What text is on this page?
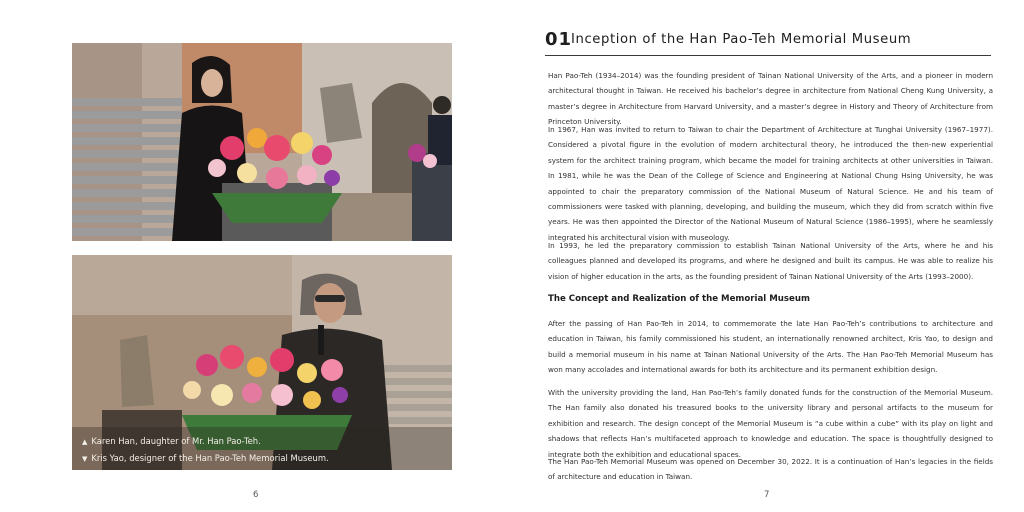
▲ Karen Han, daughter of Mr. Han Pao-Teh.
▼ Kris Yao, designer of the Han Pao-Teh Memorial Museum.
6
01
Inception of the Han Pao-Teh Memorial Museum

Han Pao-Teh (1934–2014) was the founding president of Tainan National University of the Arts, and a pioneer in modern architectural thought in Taiwan. He received his bachelor’s degree in architecture from National Cheng Kung University, a master’s degree in Architecture from Harvard University, and a master’s degree in History and Theory of Architecture from Princeton University.

In 1967, Han was invited to return to Taiwan to chair the Department of Architecture at Tunghai University (1967–1977). Considered a pivotal figure in the evolution of modern architectural theory, he introduced the then-new experiential system for the architect training program, which became the model for training architects at other universities in Taiwan. In 1981, while he was the Dean of the College of Science and Engineering at National Chung Hsing University, he was appointed to chair the preparatory commission of the National Museum of Natural Science. He and his team of commissioners were tasked with planning, developing, and building the museum, which they did from scratch within five years. He was then appointed the Director of the National Museum of Natural Science (1986–1995), where he seamlessly integrated his architectural vision with museology.

In 1993, he led the preparatory commission to establish Tainan National University of the Arts, where he and his colleagues planned and developed its programs, and where he designed and built its campus. He was able to realize his vision of higher education in the arts, as the founding president of Tainan National University of the Arts (1993–2000).

The Concept and Realization of the Memorial Museum

After the passing of Han Pao-Teh in 2014, to commemorate the late Han Pao-Teh’s contributions to architecture and education in Taiwan, his family commissioned his student, an internationally renowned architect, Kris Yao, to design and build a memorial museum in his name at Tainan National University of the Arts. The Han Pao-Teh Memorial Museum has won many accolades and international awards for both its architecture and its permanent exhibition design.

With the university providing the land, Han Pao-Teh’s family donated funds for the construction of the Memorial Museum. The Han family also donated his treasured books to the university library and personal artifacts to the museum for exhibition and research. The design concept of the Memorial Museum is “a cube within a cube” with its play on light and shadows that reflects Han’s multifaceted approach to knowledge and education. The space is thoughtfully designed to integrate both the exhibition and educational spaces.

The Han Pao-Teh Memorial Museum was opened on December 30, 2022. It is a continuation of Han’s legacies in the fields of architecture and education in Taiwan.

7
